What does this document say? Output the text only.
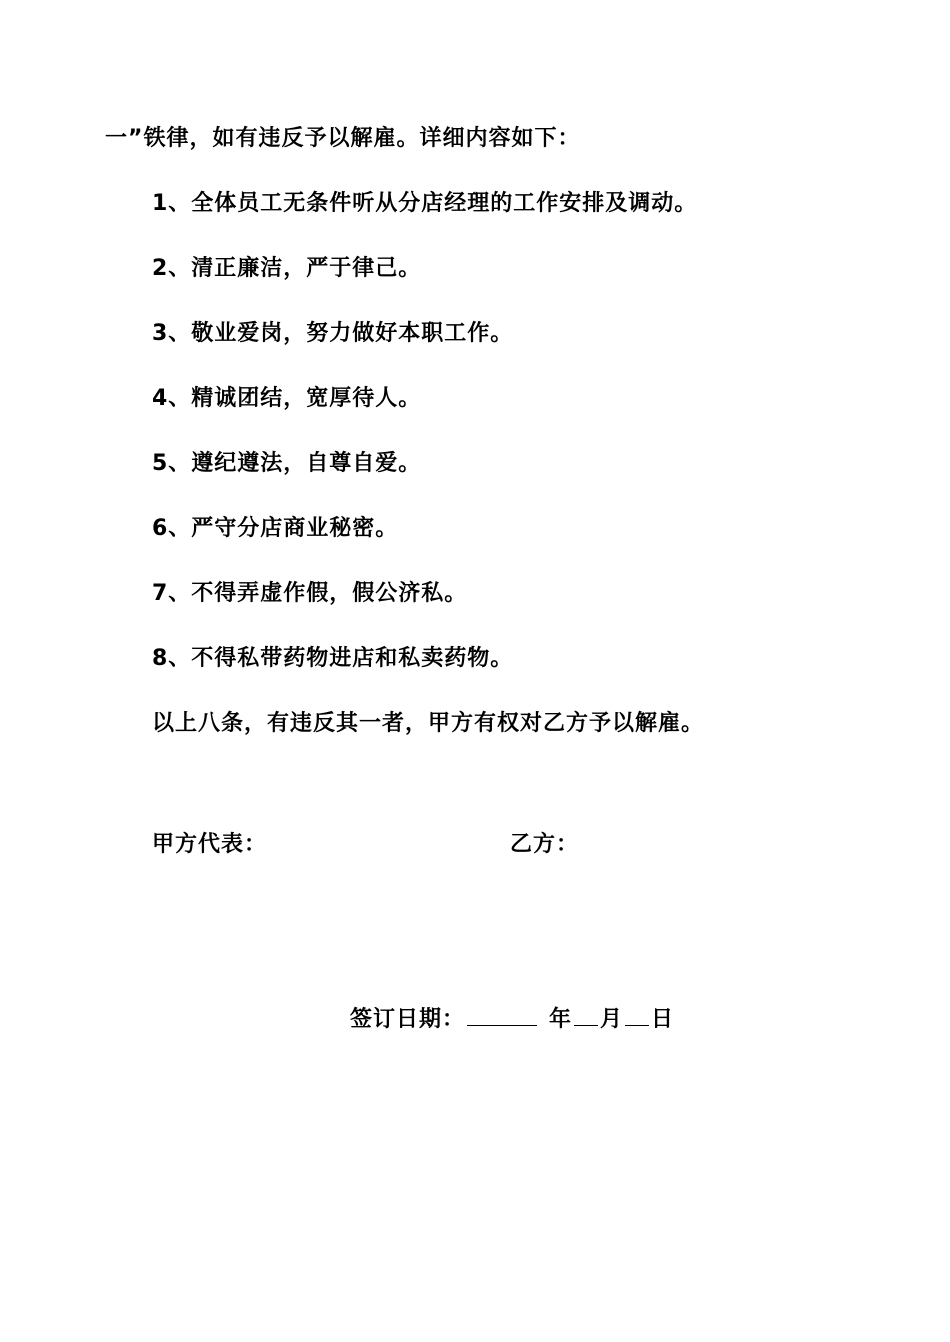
一”铁律，如有违反予以解雇。详细内容如下：
1、全体员工无条件听从分店经理的工作安排及调动。
2、清正廉洁，严于律己。
3、敬业爱岗，努力做好本职工作。
4、精诚团结，宽厚待人。
5、遵纪遵法，自尊自爱。
6、严守分店商业秘密。
7、不得弄虚作假，假公济私。
8、不得私带药物进店和私卖药物。
以上八条，有违反其一者，甲方有权对乙方予以解雇。
甲方代表：	乙方：
签订日期：	年 月 日
